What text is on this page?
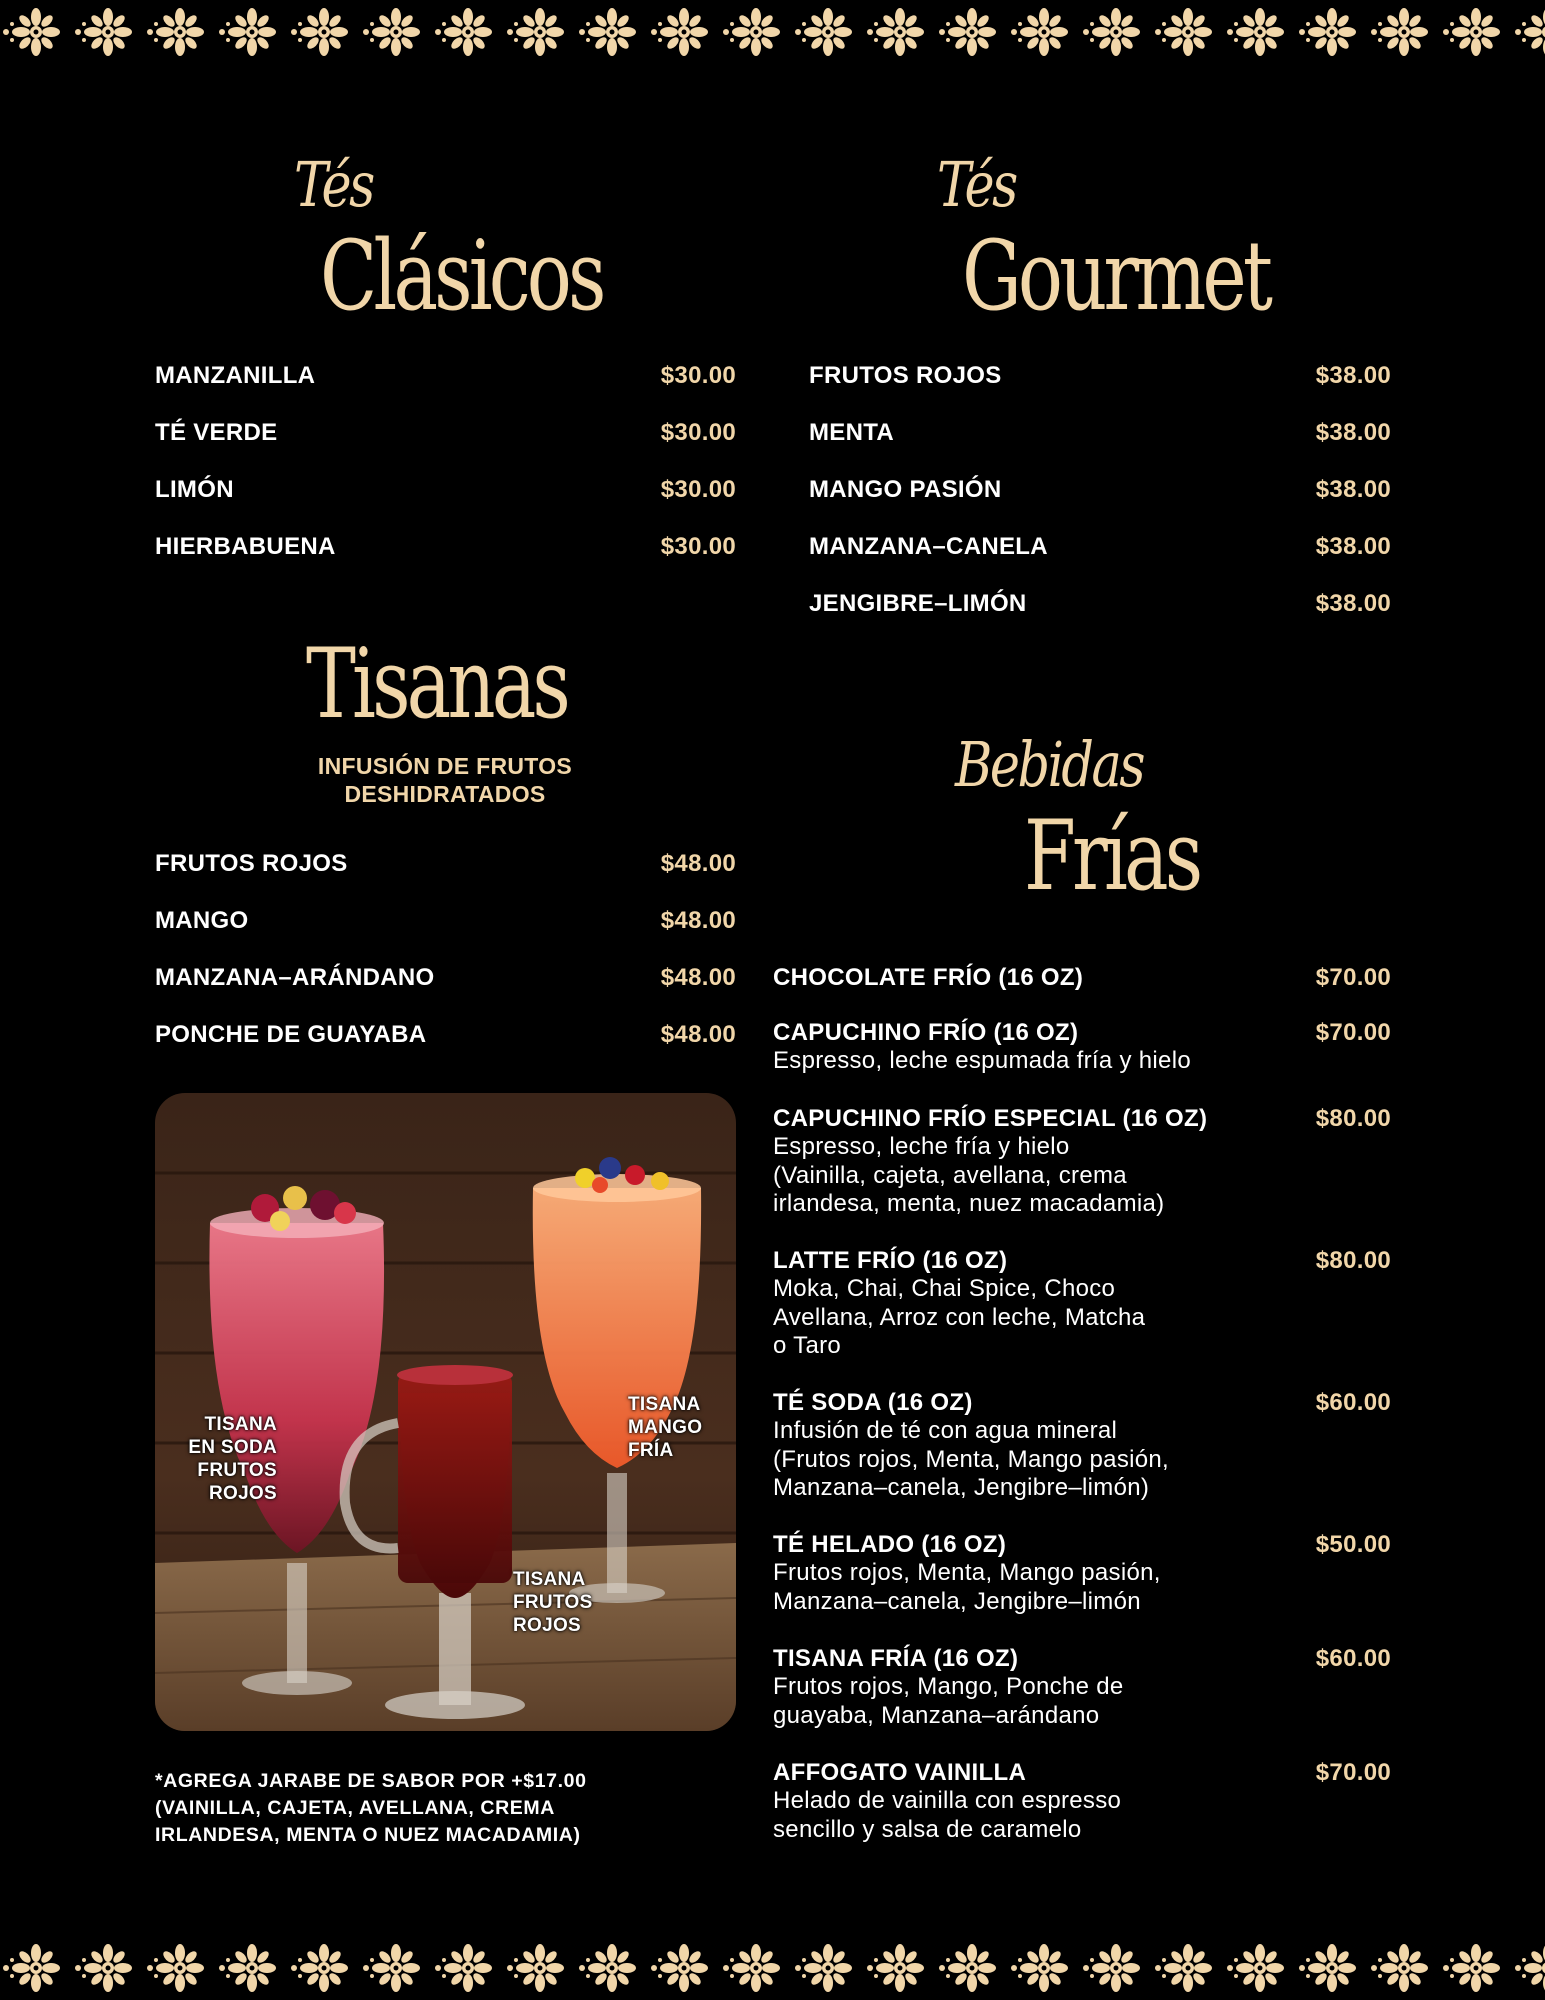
Tés
Clásicos
MANZANILLA	$30.00
TÉ VERDE	$30.00
LIMÓN	$30.00
HIERBABUENA	$30.00
Tés
Gourmet
FRUTOS ROJOS	$38.00
MENTA	$38.00
MANGO PASIÓN	$38.00
MANZANA–CANELA	$38.00
JENGIBRE–LIMÓN	$38.00
Tisanas
INFUSIÓN DE FRUTOS
DESHIDRATADOS
FRUTOS ROJOS	$48.00
MANGO	$48.00
MANZANA–ARÁNDANO	$48.00
PONCHE DE GUAYABA	$48.00
TISANA
EN SODA
FRUTOS
ROJOS
TISANA
MANGO
FRÍA
TISANA
FRUTOS
ROJOS
*AGREGA JARABE DE SABOR POR +$17.00
(VAINILLA, CAJETA, AVELLANA, CREMA
IRLANDESA, MENTA O NUEZ MACADAMIA)
Bebidas
Frías
CHOCOLATE FRÍO (16 OZ)	$70.00
CAPUCHINO FRÍO (16 OZ)	$70.00
Espresso, leche espumada fría y hielo
CAPUCHINO FRÍO ESPECIAL (16 OZ)	$80.00
Espresso, leche fría y hielo
(Vainilla, cajeta, avellana, crema
irlandesa, menta, nuez macadamia)
LATTE FRÍO (16 OZ)	$80.00
Moka, Chai, Chai Spice, Choco
Avellana, Arroz con leche, Matcha
o Taro
TÉ SODA (16 OZ)	$60.00
Infusión de té con agua mineral
(Frutos rojos, Menta, Mango pasión,
Manzana–canela, Jengibre–limón)
TÉ HELADO (16 OZ)	$50.00
Frutos rojos, Menta, Mango pasión,
Manzana–canela, Jengibre–limón
TISANA FRÍA (16 OZ)	$60.00
Frutos rojos, Mango, Ponche de
guayaba, Manzana–arándano
AFFOGATO VAINILLA	$70.00
Helado de vainilla con espresso
sencillo y salsa de caramelo
